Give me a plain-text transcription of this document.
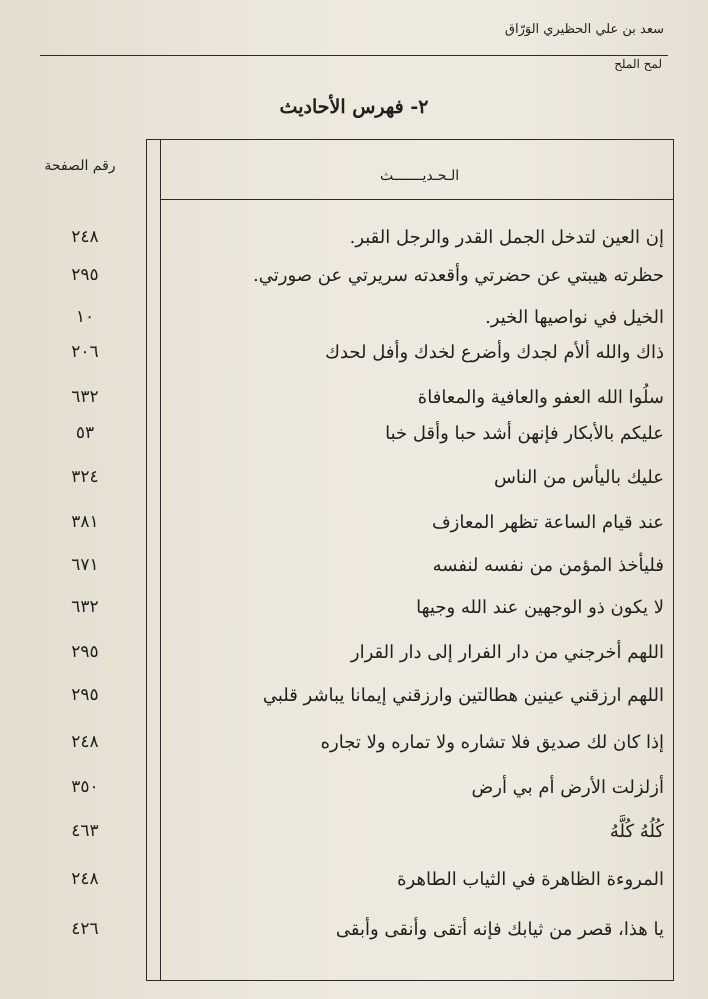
سعد بن علي الحظيري الوَرّاق
لمح الملح
٢- فهرس الأحاديث
رقم الصفحة
الـحـديـــــــث
إن العين لتدخل الجمل القدر والرجل القبر.
٢٤٨
حظرته هيبتي عن حضرتي وأقعدته سريرتي عن صورتي.
٢٩٥
الخيل في نواصيها الخير.
١٠
ذاك والله ألأم لجدك وأضرع لخدك وأفل لحدك
٢٠٦
سلُوا الله العفو والعافية والمعافاة
٦٣٢
عليكم بالأبكار فإنهن أشد حبا وأقل خبا
٥٣
عليك باليأس من الناس
٣٢٤
عند قيام الساعة تظهر المعازف
٣٨١
فليأخذ المؤمن من نفسه لنفسه
٦٧١
لا يكون ذو الوجهين عند الله وجيها
٦٣٢
اللهم أخرجني من دار الفرار إلى دار القرار
٢٩٥
اللهم ارزقني عينين هطالتين وارزقني إيمانا يباشر قلبي
٢٩٥
إذا كان لك صديق فلا تشاره ولا تماره ولا تجاره
٢٤٨
أزلزلت الأرض أم بي أرض
٣٥٠
كُلُهُ كُلَّهُ
٤٦٣
المروءة الظاهرة في الثياب الطاهرة
٢٤٨
يا هذا، قصر من ثيابك فإنه أتقى وأنقى وأبقى
٤٢٦
